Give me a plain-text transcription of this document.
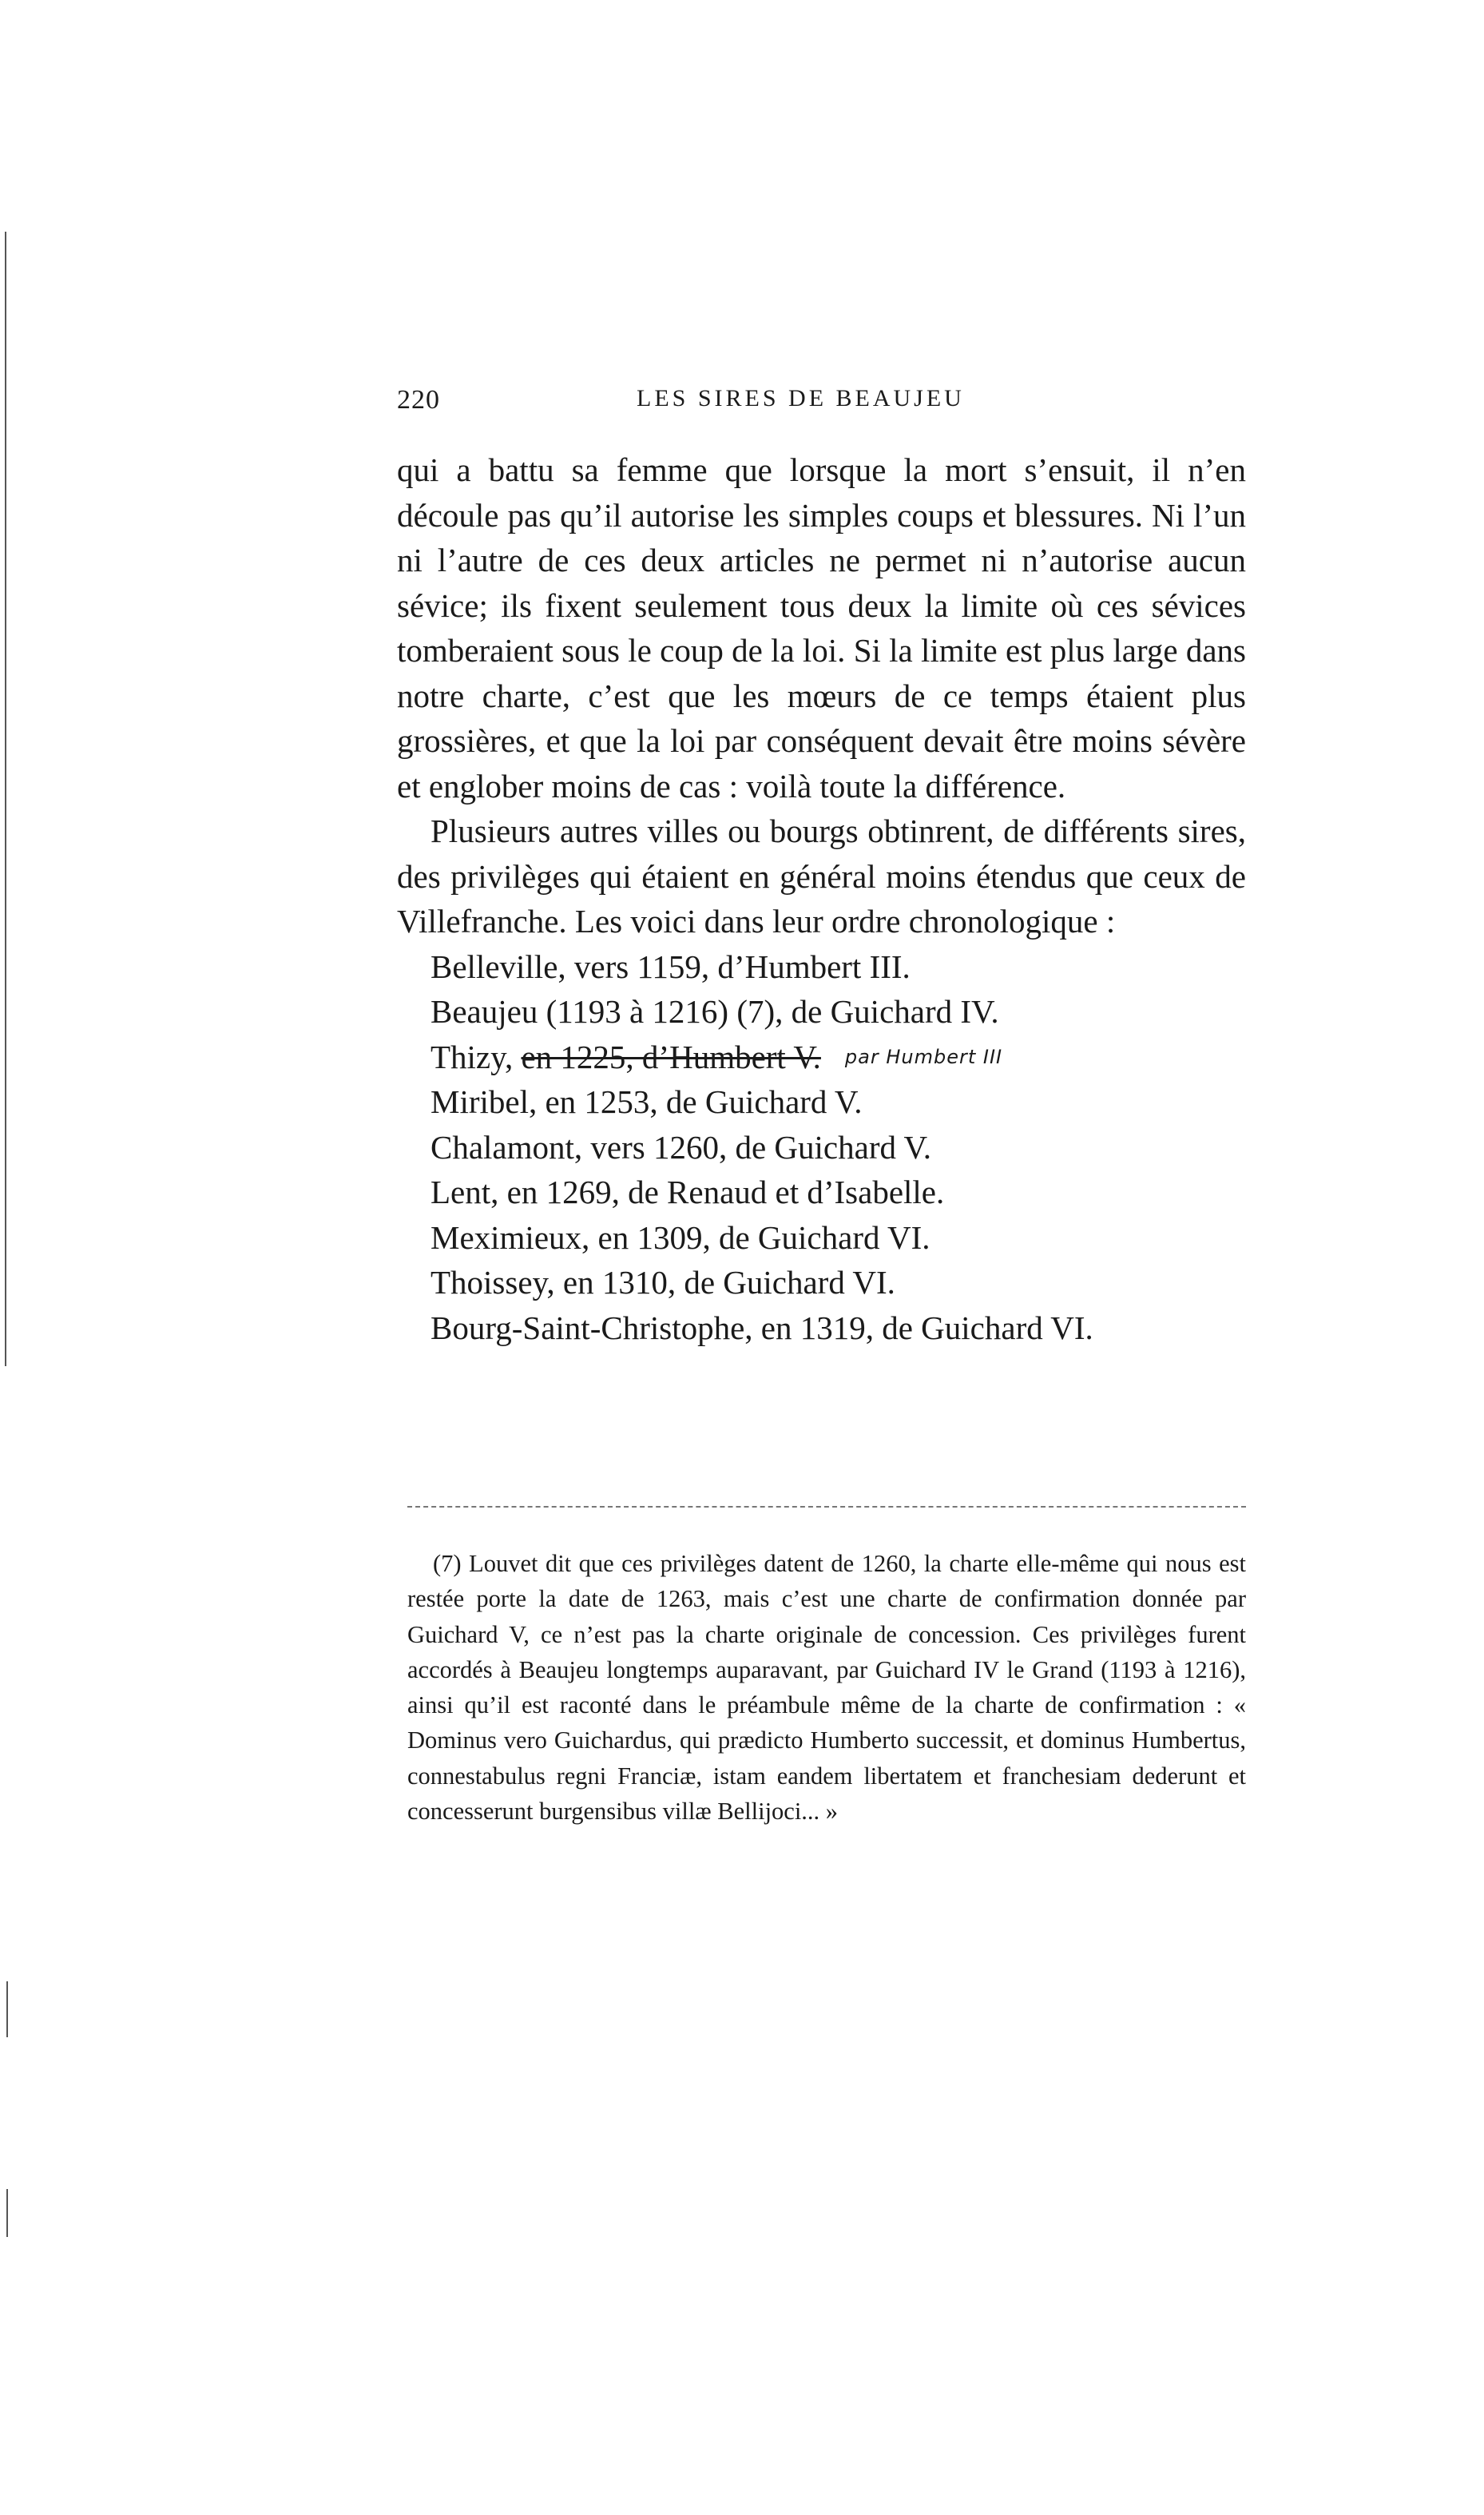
220	LES SIRES DE BEAUJEU

qui a battu sa femme que lorsque la mort s’ensuit, il n’en découle pas qu’il autorise les simples coups et blessures. Ni l’un ni l’autre de ces deux articles ne permet ni n’autorise aucun sévice; ils fixent seulement tous deux la limite où ces sévices tomberaient sous le coup de la loi. Si la limite est plus large dans notre charte, c’est que les mœurs de ce temps étaient plus grossières, et que la loi par conséquent devait être moins sévère et englober moins de cas : voilà toute la différence.

Plusieurs autres villes ou bourgs obtinrent, de différents sires, des privilèges qui étaient en général moins étendus que ceux de Villefranche. Les voici dans leur ordre chronologique :

Belleville, vers 1159, d’Humbert III.
Beaujeu (1193 à 1216) (7), de Guichard IV.
Thizy, en 1225, d’Humbert V. par Humbert III
Miribel, en 1253, de Guichard V.
Chalamont, vers 1260, de Guichard V.
Lent, en 1269, de Renaud et d’Isabelle.
Meximieux, en 1309, de Guichard VI.
Thoissey, en 1310, de Guichard VI.
Bourg-Saint-Christophe, en 1319, de Guichard VI.

(7) Louvet dit que ces privilèges datent de 1260, la charte elle-même qui nous est restée porte la date de 1263, mais c’est une charte de confirmation donnée par Guichard V, ce n’est pas la charte originale de concession. Ces privilèges furent accordés à Beaujeu longtemps auparavant, par Guichard IV le Grand (1193 à 1216), ainsi qu’il est raconté dans le préambule même de la charte de confirmation : « Dominus vero Guichardus, qui prædicto Humberto successit, et dominus Humbertus, connestabulus regni Franciæ, istam eandem libertatem et franchesiam dederunt et concesserunt burgensibus villæ Bellijoci... »
